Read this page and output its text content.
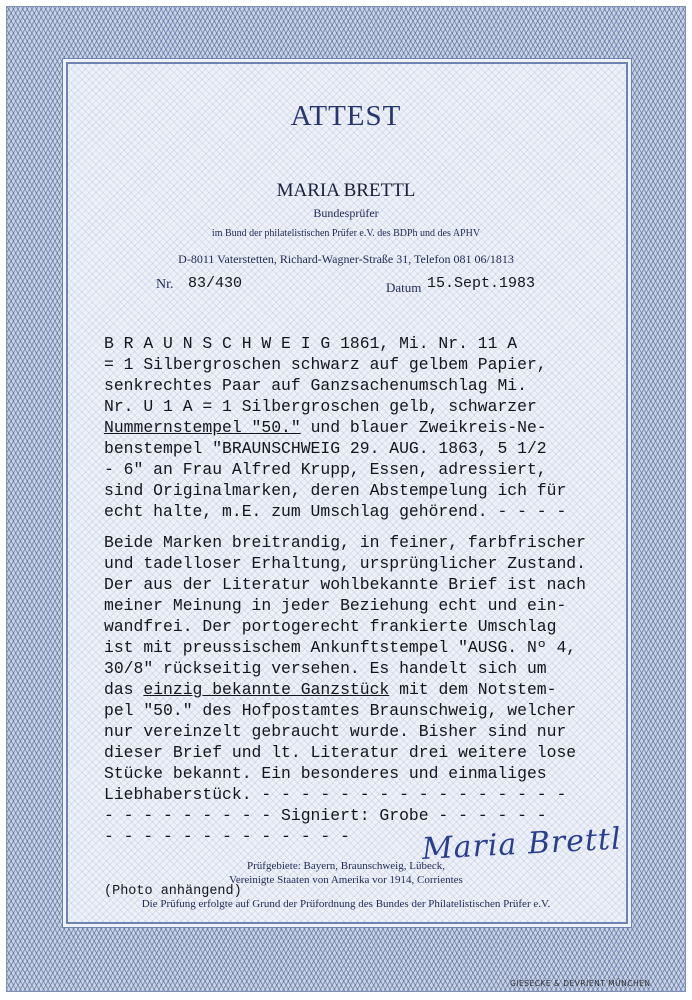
ATTEST
MARIA BRETTL
Bundesprüfer
im Bund der philatelistischen Prüfer e.V. des BDPh und des APHV
D-8011 Vaterstetten, Richard-Wagner-Straße 31, Telefon 081 06/1813
Nr. 83/430	Datum 15.Sept.1983
B R A U N S C H W E I G 1861, Mi. Nr. 11 A
= 1 Silbergroschen schwarz auf gelbem Papier,
senkrechtes Paar auf Ganzsachenumschlag Mi.
Nr. U 1 A = 1 Silbergroschen gelb, schwarzer
Nummernstempel "50." und blauer Zweikreis-Ne-
benstempel "BRAUNSCHWEIG 29. AUG. 1863, 5 1/2
- 6" an Frau Alfred Krupp, Essen, adressiert,
sind Originalmarken, deren Abstempelung ich für
echt halte, m.E. zum Umschlag gehörend. - - - -
Beide Marken breitrandig, in feiner, farbfrischer
und tadelloser Erhaltung, ursprünglicher Zustand.
Der aus der Literatur wohlbekannte Brief ist nach
meiner Meinung in jeder Beziehung echt und ein-
wandfrei. Der portogerecht frankierte Umschlag
ist mit preussischem Ankunftstempel "AUSG. Nº 4,
30/8" rückseitig versehen. Es handelt sich um
das einzig bekannte Ganzstück mit dem Notstem-
pel "50." des Hofpostamtes Braunschweig, welcher
nur vereinzelt gebraucht wurde. Bisher sind nur
dieser Brief und lt. Literatur drei weitere lose
Stücke bekannt. Ein besonderes und einmaliges
Liebhaberstück. - - - - - - - - - - - - - - - -
- - - - - - - - - Signiert: Grobe - - - - - -
- - - - - - - - - - - - - Maria Brettl
Prüfgebiete: Bayern, Braunschweig, Lübeck,
Vereinigte Staaten von Amerika vor 1914, Corrientes
(Photo anhängend)
Die Prüfung erfolgte auf Grund der Prüfordnung des Bundes der Philatelistischen Prüfer e.V.
GIESECKE & DEVRIENT MÜNCHEN
